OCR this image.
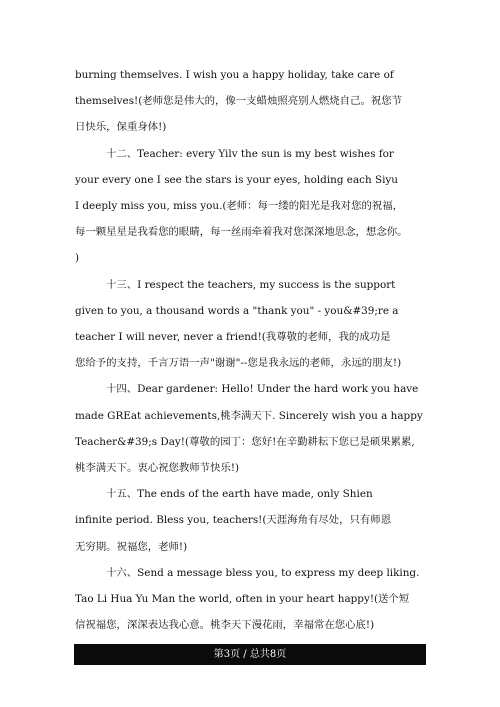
burning themselves. I wish you a happy holiday, take care of
themselves!(老师您是伟大的，像一支蜡烛照亮别人燃烧自己。祝您节
日快乐，保重身体!)
十二、Teacher: every Yilv the sun is my best wishes for
your every one I see the stars is your eyes, holding each Siyu
I deeply miss you, miss you.(老师：每一缕的阳光是我对您的祝福，
每一颗星星是我看您的眼睛，每一丝雨牵着我对您深深地思念，想念你。
)
十三、I respect the teachers, my success is the support
given to you, a thousand words a "thank you" - you&#39;re a
teacher I will never, never a friend!(我尊敬的老师，我的成功是
您给予的支持，千言万语一声"谢谢"--您是我永远的老师，永远的朋友!)
十四、Dear gardener: Hello! Under the hard work you have
made GREat achievements,桃李满天下. Sincerely wish you a happy
Teacher&#39;s Day!(尊敬的园丁：您好!在辛勤耕耘下您已是硕果累累,
桃李满天下。衷心祝您教师节快乐!)
十五、The ends of the earth have made, only Shien
infinite period. Bless you, teachers!(天涯海角有尽处，只有师恩
无穷期。祝福您，老师!)
十六、Send a message bless you, to express my deep liking.
Tao Li Hua Yu Man the world, often in your heart happy!(送个短
信祝福您，深深表达我心意。桃李天下漫花雨，幸福常在您心底!)
第3页 / 总共8页
